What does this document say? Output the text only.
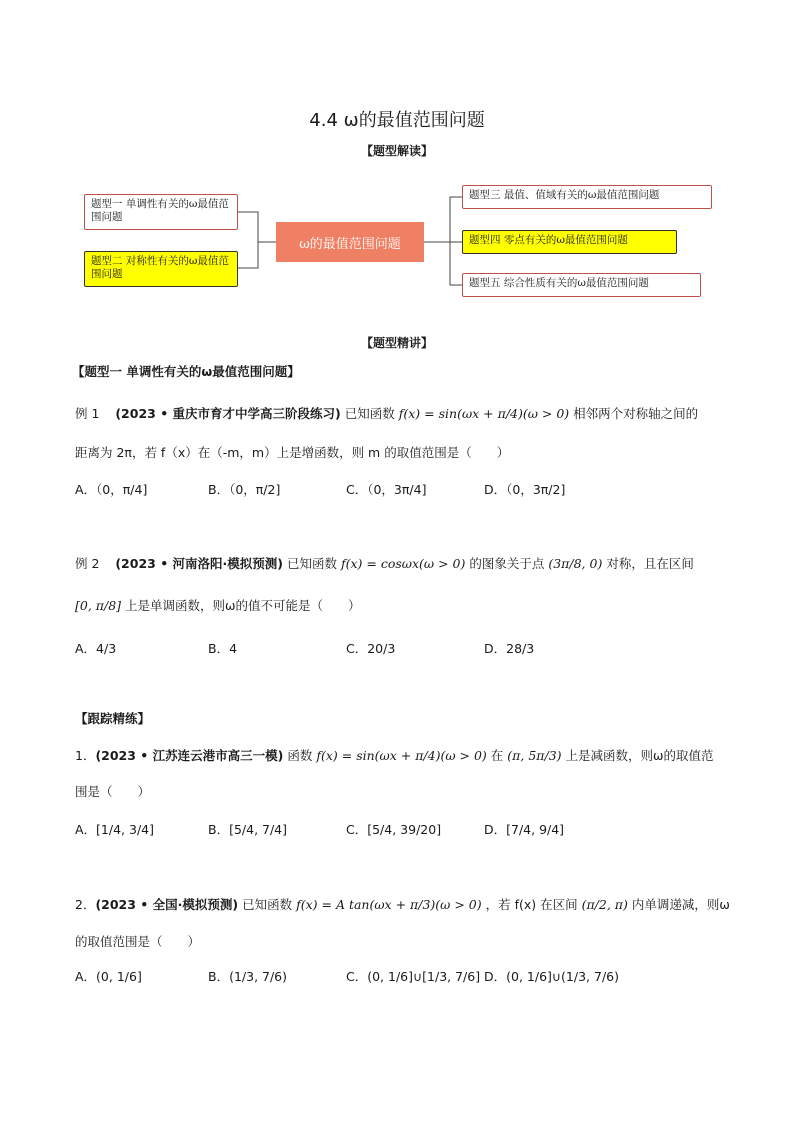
4.4 ω的最值范围问题
【题型解读】
题型一 单调性有关的ω最值范围问题
题型二 对称性有关的ω最值范围问题
ω的最值范围问题
题型三 最值、值域有关的ω最值范围问题
题型四 零点有关的ω最值范围问题
题型五 综合性质有关的ω最值范围问题
【题型精讲】
【题型一 单调性有关的ω最值范围问题】
例 1 (2023 • 重庆市育才中学高三阶段练习) 已知函数 f(x) = sin(ωx + π/4)(ω > 0) 相邻两个对称轴之间的
距离为 2π，若 f（x）在（-m，m）上是增函数，则 m 的取值范围是（　　）
A．（0，π/4]	B．（0，π/2]	C．（0，3π/4]	D．（0，3π/2]
例 2 (2023 • 河南洛阳·模拟预测) 已知函数 f(x) = cosωx(ω > 0) 的图象关于点 (3π/8, 0) 对称，且在区间
[0, π/8] 上是单调函数，则ω的值不可能是（　　）
A．4/3	B．4	C．20/3	D．28/3
【跟踪精练】
1．(2023 • 江苏连云港市高三一模) 函数 f(x) = sin(ωx + π/4)(ω > 0) 在 (π, 5π/3) 上是减函数，则ω的取值范
围是（　　）
A．[1/4, 3/4]	B．[5/4, 7/4]	C．[5/4, 39/20]	D．[7/4, 9/4]
2．(2023 • 全国·模拟预测) 已知函数 f(x) = A tan(ωx + π/3)(ω > 0) ，若 f(x) 在区间 (π/2, π) 内单调递减，则ω
的取值范围是（　　）
A．(0, 1/6]	B．(1/3, 7/6)	C．(0, 1/6]∪[1/3, 7/6] D．(0, 1/6]∪(1/3, 7/6)
